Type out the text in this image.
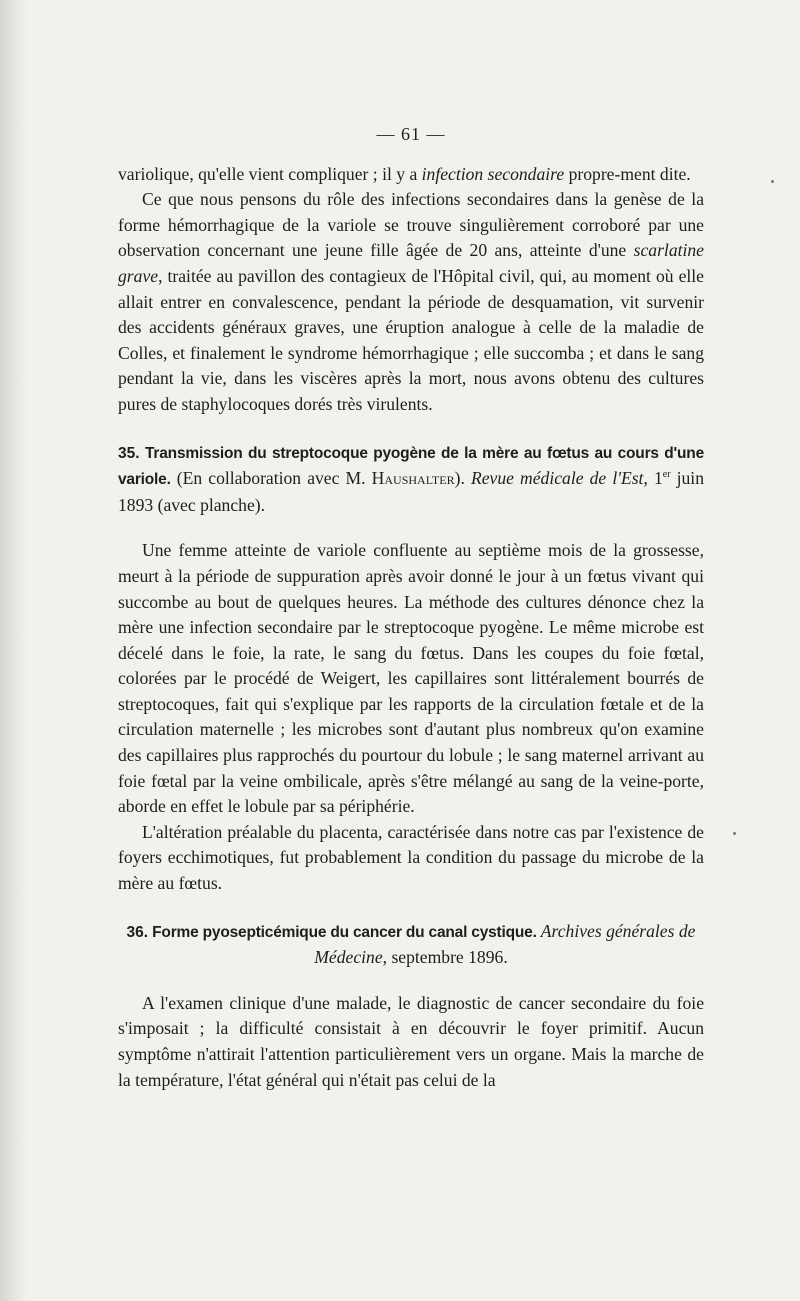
— 61 —

variolique, qu'elle vient compliquer ; il y a infection secondaire propre-ment dite.

Ce que nous pensons du rôle des infections secondaires dans la genèse de la forme hémorrhagique de la variole se trouve singulièrement corroboré par une observation concernant une jeune fille âgée de 20 ans, atteinte d'une scarlatine grave, traitée au pavillon des contagieux de l'Hôpital civil, qui, au moment où elle allait entrer en convalescence, pendant la période de desquamation, vit survenir des accidents généraux graves, une éruption analogue à celle de la maladie de Colles, et finalement le syndrome hémorrhagique ; elle succomba ; et dans le sang pendant la vie, dans les viscères après la mort, nous avons obtenu des cultures pures de staphylocoques dorés très virulents.

35. Transmission du streptocoque pyogène de la mère au fœtus au cours d'une variole. (En collaboration avec M. Haushalter). Revue médicale de l'Est, 1er juin 1893 (avec planche).

Une femme atteinte de variole confluente au septième mois de la grossesse, meurt à la période de suppuration après avoir donné le jour à un fœtus vivant qui succombe au bout de quelques heures. La méthode des cultures dénonce chez la mère une infection secondaire par le streptocoque pyogène. Le même microbe est décelé dans le foie, la rate, le sang du fœtus. Dans les coupes du foie fœtal, colorées par le procédé de Weigert, les capillaires sont littéralement bourrés de streptocoques, fait qui s'explique par les rapports de la circulation fœtale et de la circulation maternelle ; les microbes sont d'autant plus nombreux qu'on examine des capillaires plus rapprochés du pourtour du lobule ; le sang maternel arrivant au foie fœtal par la veine ombilicale, après s'être mélangé au sang de la veine-porte, aborde en effet le lobule par sa périphérie.

L'altération préalable du placenta, caractérisée dans notre cas par l'existence de foyers ecchimotiques, fut probablement la condition du passage du microbe de la mère au fœtus.

36. Forme pyosepticémique du cancer du canal cystique. Archives générales de Médecine, septembre 1896.

A l'examen clinique d'une malade, le diagnostic de cancer secondaire du foie s'imposait ; la difficulté consistait à en découvrir le foyer primitif. Aucun symptôme n'attirait l'attention particulièrement vers un organe. Mais la marche de la température, l'état général qui n'était pas celui de la
